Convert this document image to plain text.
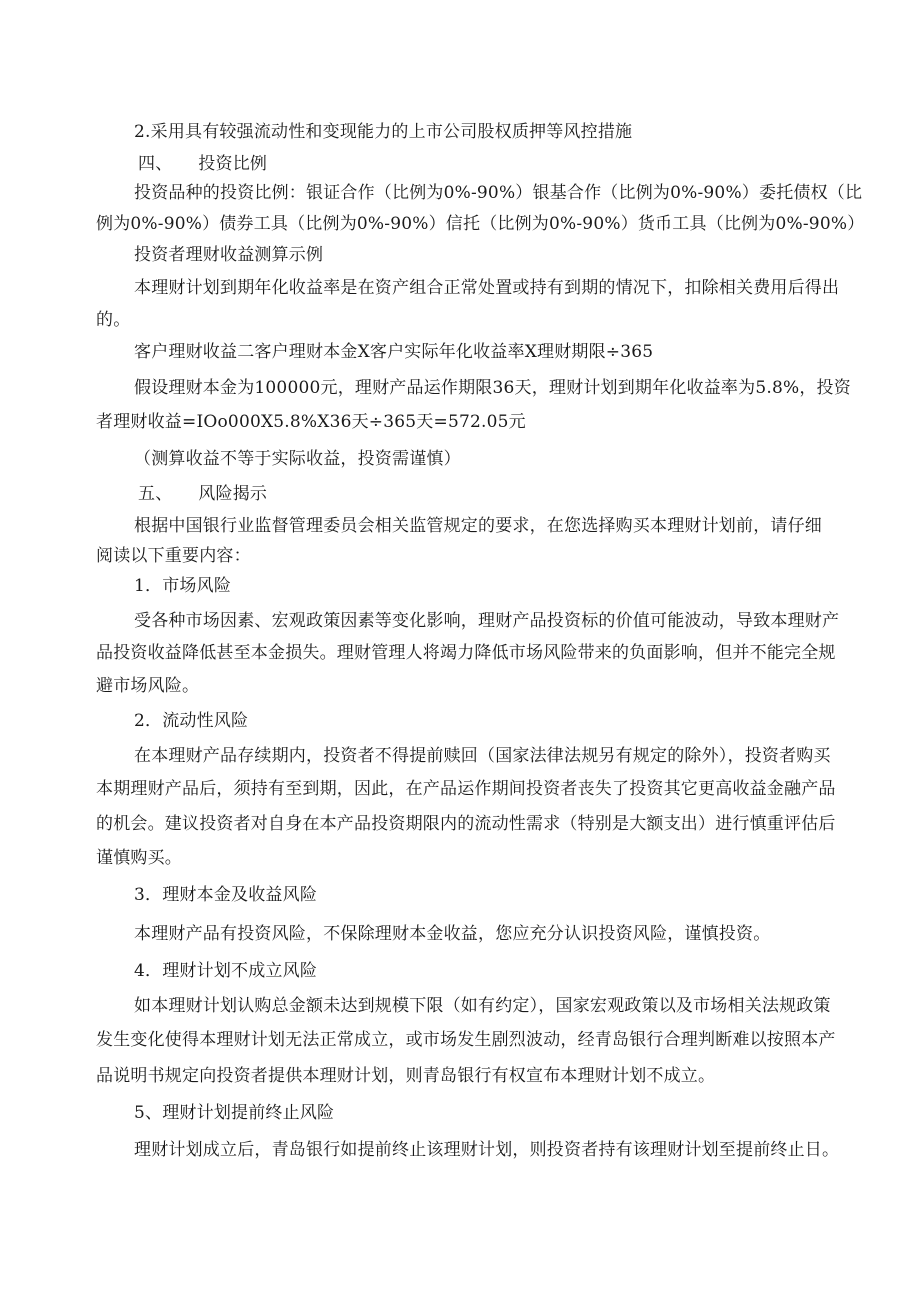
2.采用具有较强流动性和变现能力的上市公司股权质押等风控措施
四、　　投资比例
投资品种的投资比例：银证合作（比例为0%-90%）银基合作（比例为0%-90%）委托债权（比
例为0%-90%）债券工具（比例为0%-90%）信托（比例为0%-90%）货币工具（比例为0%-90%）
投资者理财收益测算示例
本理财计划到期年化收益率是在资产组合正常处置或持有到期的情况下，扣除相关费用后得出
的。
客户理财收益二客户理财本金X客户实际年化收益率X理财期限÷365
假设理财本金为100000元，理财产品运作期限36天，理财计划到期年化收益率为5.8%，投资
者理财收益=IOo000X5.8%X36天÷365天=572.05元
（测算收益不等于实际收益，投资需谨慎）
五、　　风险揭示
根据中国银行业监督管理委员会相关监管规定的要求，在您选择购买本理财计划前，请仔细
阅读以下重要内容：
1．市场风险
受各种市场因素、宏观政策因素等变化影响，理财产品投资标的价值可能波动，导致本理财产
品投资收益降低甚至本金损失。理财管理人将竭力降低市场风险带来的负面影响，但并不能完全规
避市场风险。
2．流动性风险
在本理财产品存续期内，投资者不得提前赎回（国家法律法规另有规定的除外），投资者购买
本期理财产品后，须持有至到期，因此，在产品运作期间投资者丧失了投资其它更高收益金融产品
的机会。建议投资者对自身在本产品投资期限内的流动性需求（特别是大额支出）进行慎重评估后
谨慎购买。
3．理财本金及收益风险
本理财产品有投资风险，不保除理财本金收益，您应充分认识投资风险，谨慎投资。
4．理财计划不成立风险
如本理财计划认购总金额未达到规模下限（如有约定），国家宏观政策以及市场相关法规政策
发生变化使得本理财计划无法正常成立，或市场发生剧烈波动，经青岛银行合理判断难以按照本产
品说明书规定向投资者提供本理财计划，则青岛银行有权宣布本理财计划不成立。
5、理财计划提前终止风险
理财计划成立后，青岛银行如提前终止该理财计划，则投资者持有该理财计划至提前终止日。
